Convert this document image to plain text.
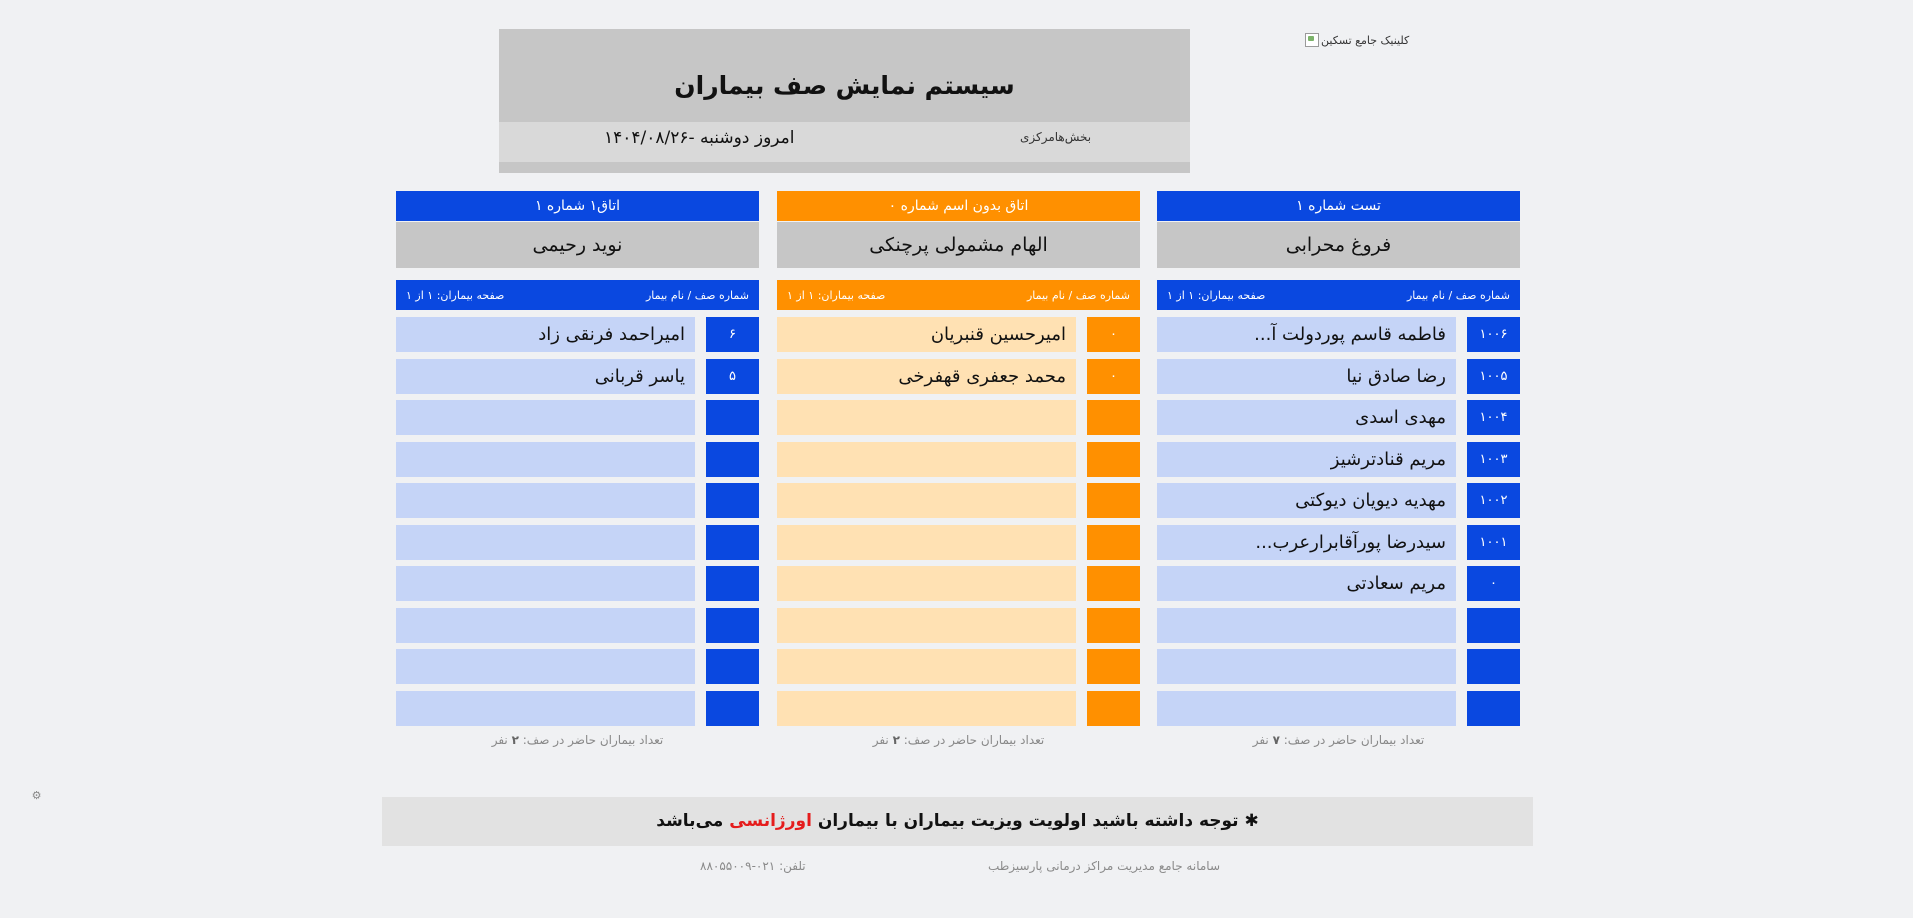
کلینیک جامع تسکین
سیستم نمایش صف بیماران
امروز دوشنبه -۱۴۰۴/۰۸/۲۶	بخش‌هامرکزی
تست شماره ۱
فروغ محرابی
شماره صف / نام بیمار
صفحه بیماران: ۱ از ۱
۱۰۰۶
فاطمه قاسم پوردولت آ...
۱۰۰۵
رضا صادق نیا
۱۰۰۴
مهدی اسدی
۱۰۰۳
مریم قنادترشیز
۱۰۰۲
مهدیه دیویان دیوکتی
۱۰۰۱
سیدرضا پورآقابرارعرب...
۰
مریم سعادتی
تعداد بیماران حاضر در صف: ۷ نفر
اتاق بدون اسم شماره ۰
الهام مشمولی پرچنکی
شماره صف / نام بیمار
صفحه بیماران: ۱ از ۱
۰
امیرحسین قنبریان
۰
محمد جعفری قهفرخی
تعداد بیماران حاضر در صف: ۲ نفر
اتاق۱ شماره ۱
نوید رحیمی
شماره صف / نام بیمار
صفحه بیماران: ۱ از ۱
۶
امیراحمد فرنقی زاد
۵
یاسر قربانی
تعداد بیماران حاضر در صف: ۲ نفر
⚙
✱ توجه داشته باشید اولویت ویزیت بیماران با بیماران اورژانسی می‌باشد
سامانه جامع مدیریت مراکز درمانی پارسیزطب
تلفن: ۰۲۱-۸۸۰۵۵۰۰۹
